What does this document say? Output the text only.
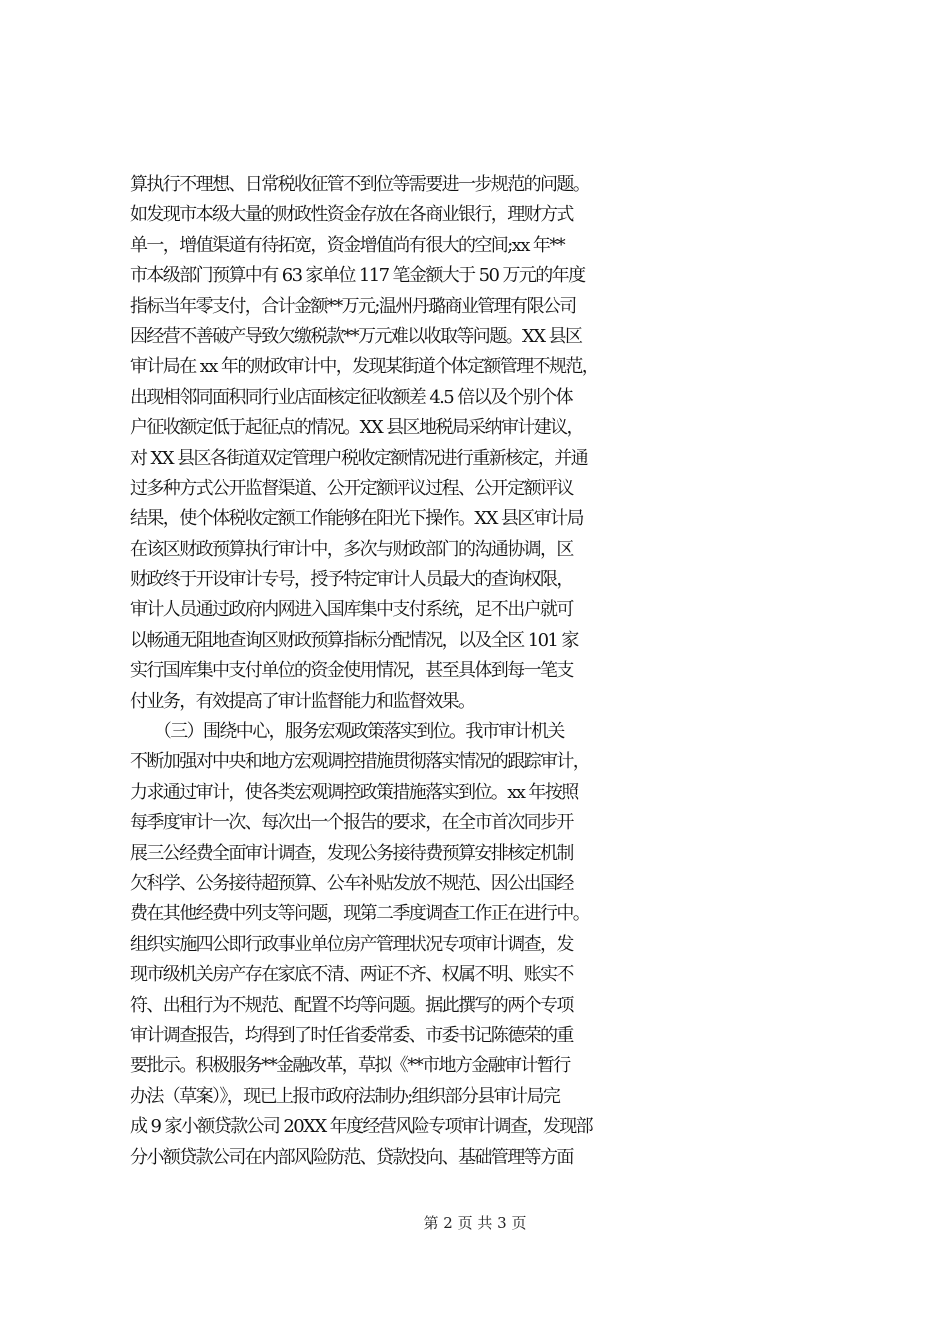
算执行不理想、日常税收征管不到位等需要进一步规范的问题。
如发现市本级大量的财政性资金存放在各商业银行，理财方式
单一，增值渠道有待拓宽，资金增值尚有很大的空间;xx 年**
市本级部门预算中有 63 家单位 117 笔金额大于 50 万元的年度
指标当年零支付，合计金额**万元;温州丹璐商业管理有限公司
因经营不善破产导致欠缴税款**万元难以收取等问题。XX 县区
审计局在 xx 年的财政审计中，发现某街道个体定额管理不规范，
出现相邻同面积同行业店面核定征收额差 4.5 倍以及个别个体
户征收额定低于起征点的情况。XX 县区地税局采纳审计建议，
对 XX 县区各街道双定管理户税收定额情况进行重新核定，并通
过多种方式公开监督渠道、公开定额评议过程、公开定额评议
结果，使个体税收定额工作能够在阳光下操作。XX 县区审计局
在该区财政预算执行审计中，多次与财政部门的沟通协调，区
财政终于开设审计专号，授予特定审计人员最大的查询权限，
审计人员通过政府内网进入国库集中支付系统，足不出户就可
以畅通无阻地查询区财政预算指标分配情况，以及全区 101 家
实行国库集中支付单位的资金使用情况，甚至具体到每一笔支
付业务，有效提高了审计监督能力和监督效果。
　　（三）围绕中心，服务宏观政策落实到位。我市审计机关
不断加强对中央和地方宏观调控措施贯彻落实情况的跟踪审计，
力求通过审计，使各类宏观调控政策措施落实到位。xx 年按照
每季度审计一次、每次出一个报告的要求，在全市首次同步开
展三公经费全面审计调查，发现公务接待费预算安排核定机制
欠科学、公务接待超预算、公车补贴发放不规范、因公出国经
费在其他经费中列支等问题，现第二季度调查工作正在进行中。
组织实施四公即行政事业单位房产管理状况专项审计调查，发
现市级机关房产存在家底不清、两证不齐、权属不明、账实不
符、出租行为不规范、配置不均等问题。据此撰写的两个专项
审计调查报告，均得到了时任省委常委、市委书记陈德荣的重
要批示。积极服务**金融改革，草拟《**市地方金融审计暂行
办法（草案）》，现已上报市政府法制办;组织部分县审计局完
成 9 家小额贷款公司 20XX 年度经营风险专项审计调查，发现部
分小额贷款公司在内部风险防范、贷款投向、基础管理等方面
第 2 页 共 3 页
